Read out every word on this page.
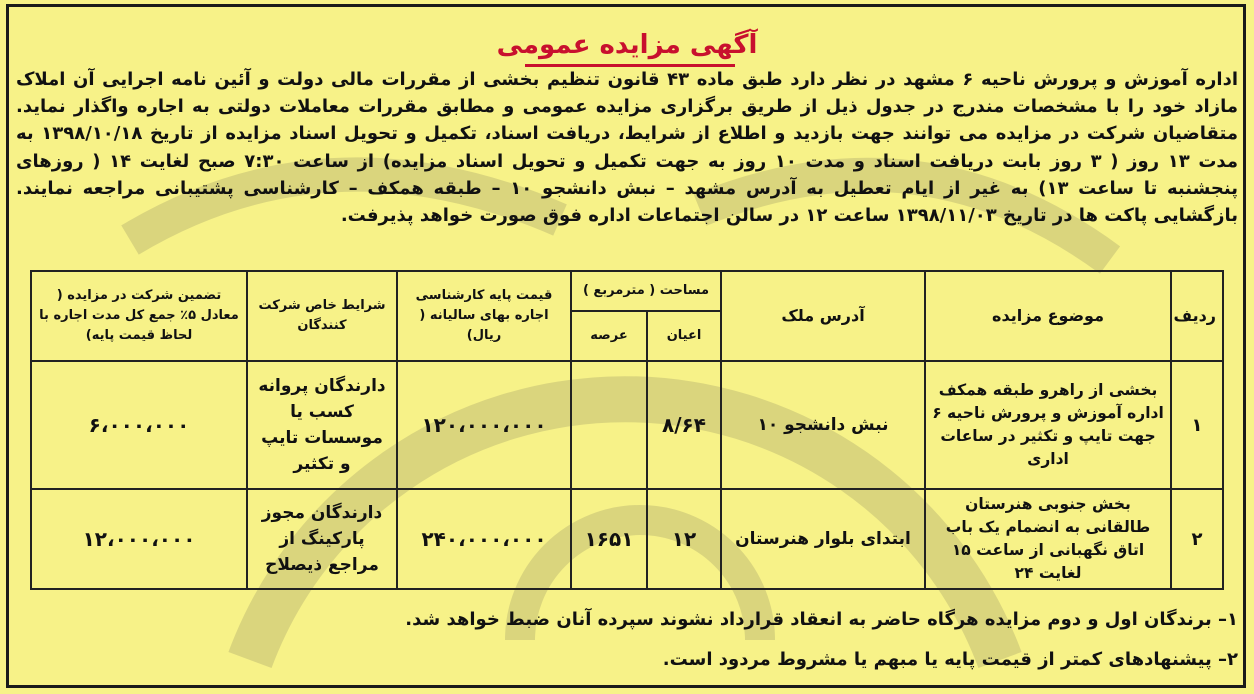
آگهی مزایده عمومی

اداره آموزش و پرورش ناحیه ۶ مشهد در نظر دارد طبق ماده ۴۳ قانون تنظیم بخشی از مقررات مالی دولت و آئین نامه اجرایی آن املاک مازاد خود را با مشخصات مندرج در جدول ذیل از طریق برگزاری مزایده عمومی و مطابق مقررات معاملات دولتی به اجاره واگذار نماید. متقاضیان شرکت در مزایده می توانند جهت بازدید و اطلاع از شرایط، دریافت اسناد، تکمیل و تحویل اسناد مزایده از تاریخ ۱۳۹۸/۱۰/۱۸ به مدت ۱۳ روز ( ۳ روز بابت دریافت اسناد و مدت ۱۰ روز به جهت تکمیل و تحویل اسناد مزایده) از ساعت ۷:۳۰ صبح لغایت ۱۴ ( روزهای پنجشنبه تا ساعت ۱۳) به غیر از ایام تعطیل به آدرس مشهد – نبش دانشجو ۱۰ – طبقه همکف – کارشناسی پشتیبانی مراجعه نمایند. بازگشایی پاکت ها در تاریخ ۱۳۹۸/۱۱/۰۳ ساعت ۱۲ در سالن اجتماعات اداره فوق صورت خواهد پذیرفت.

ردیف	موضوع مزایده	آدرس ملک	مساحت ( مترمربع )		قیمت پایه کارشناسی اجاره بهای سالیانه ( ریال)	شرایط خاص شرکت کنندگان	تضمین شرکت در مزایده ( معادل ۵٪ جمع کل مدت اجاره با لحاظ قیمت پایه)
			اعیان	عرصه			
۱	بخشی از راهرو طبقه همکف اداره آموزش و پرورش ناحیه ۶ جهت تایپ و تکثیر در ساعات اداری	نبش دانشجو ۱۰	۸/۶۴		۱۲۰،۰۰۰،۰۰۰	دارندگان پروانه کسب یا موسسات تایپ و تکثیر	۶،۰۰۰،۰۰۰
۲	بخش جنوبی هنرستان طالقانی به انضمام یک باب اتاق نگهبانی از ساعت ۱۵ لغایت ۲۴	ابتدای بلوار هنرستان	۱۲	۱۶۵۱	۲۴۰،۰۰۰،۰۰۰	دارندگان مجوز پارکینگ از مراجع ذیصلاح	۱۲،۰۰۰،۰۰۰

۱– برندگان اول و دوم مزایده هرگاه حاضر به انعقاد قرارداد نشوند سپرده آنان ضبط خواهد شد.

۲– پیشنهادهای کمتر از قیمت پایه یا مبهم یا مشروط مردود است.
